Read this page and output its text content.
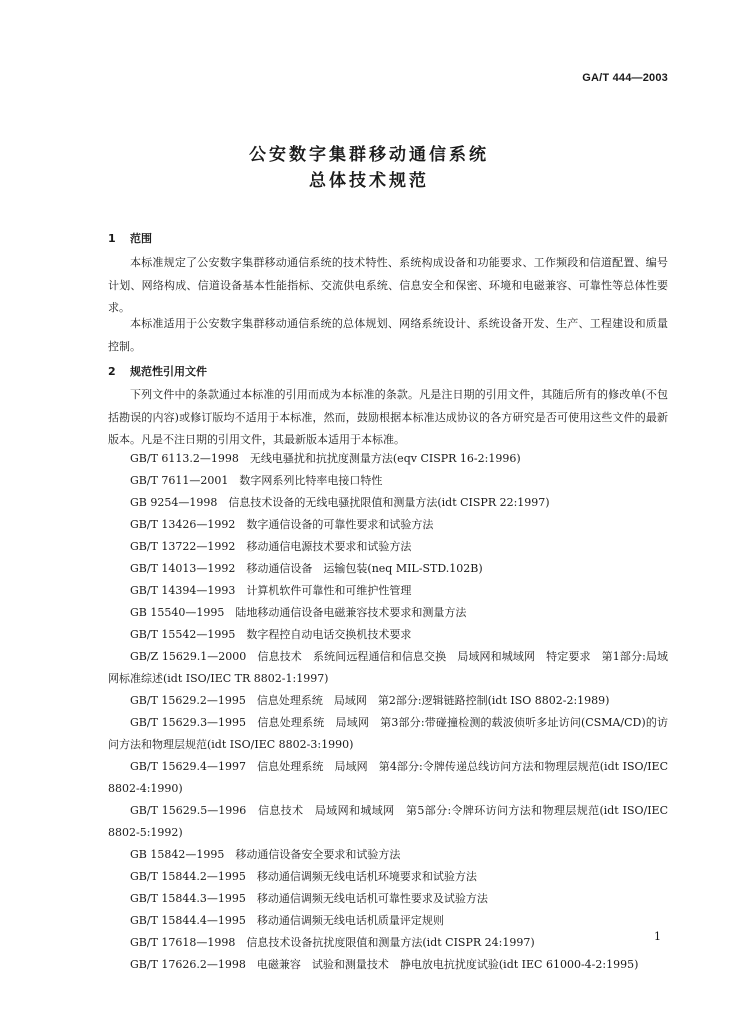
GA/T 444—2003
公安数字集群移动通信系统
总体技术规范
1 范围

本标准规定了公安数字集群移动通信系统的技术特性、系统构成设备和功能要求、工作频段和信道配置、编号计划、网络构成、信道设备基本性能指标、交流供电系统、信息安全和保密、环境和电磁兼容、可靠性等总体性要求。

本标准适用于公安数字集群移动通信系统的总体规划、网络系统设计、系统设备开发、生产、工程建设和质量控制。

2 规范性引用文件

下列文件中的条款通过本标准的引用而成为本标准的条款。凡是注日期的引用文件，其随后所有的修改单(不包括勘误的内容)或修订版均不适用于本标准，然而，鼓励根据本标准达成协议的各方研究是否可使用这些文件的最新版本。凡是不注日期的引用文件，其最新版本适用于本标准。

GB/T 6113.2—1998　无线电骚扰和抗扰度测量方法(eqv CISPR 16-2:1996)

GB/T 7611—2001　数字网系列比特率电接口特性

GB 9254—1998　信息技术设备的无线电骚扰限值和测量方法(idt CISPR 22:1997)

GB/T 13426—1992　数字通信设备的可靠性要求和试验方法

GB/T 13722—1992　移动通信电源技术要求和试验方法

GB/T 14013—1992　移动通信设备　运输包装(neq MIL-STD.102B)

GB/T 14394—1993　计算机软件可靠性和可维护性管理

GB 15540—1995　陆地移动通信设备电磁兼容技术要求和测量方法

GB/T 15542—1995　数字程控自动电话交换机技术要求

GB/Z 15629.1—2000　信息技术　系统间远程通信和信息交换　局域网和城域网　特定要求　第1部分:局域网标准综述(idt ISO/IEC TR 8802-1:1997)

GB/T 15629.2—1995　信息处理系统　局域网　第2部分:逻辑链路控制(idt ISO 8802-2:1989)

GB/T 15629.3—1995　信息处理系统　局域网　第3部分:带碰撞检测的载波侦听多址访问(CSMA/CD)的访问方法和物理层规范(idt ISO/IEC 8802-3:1990)

GB/T 15629.4—1997　信息处理系统　局域网　第4部分:令牌传递总线访问方法和物理层规范(idt ISO/IEC 8802-4:1990)

GB/T 15629.5—1996　信息技术　局域网和城域网　第5部分:令牌环访问方法和物理层规范(idt ISO/IEC 8802-5:1992)

GB 15842—1995　移动通信设备安全要求和试验方法

GB/T 15844.2—1995　移动通信调频无线电话机环境要求和试验方法

GB/T 15844.3—1995　移动通信调频无线电话机可靠性要求及试验方法

GB/T 15844.4—1995　移动通信调频无线电话机质量评定规则

GB/T 17618—1998　信息技术设备抗扰度限值和测量方法(idt CISPR 24:1997)

GB/T 17626.2—1998　电磁兼容　试验和测量技术　静电放电抗扰度试验(idt IEC 61000-4-2:1995)

1
